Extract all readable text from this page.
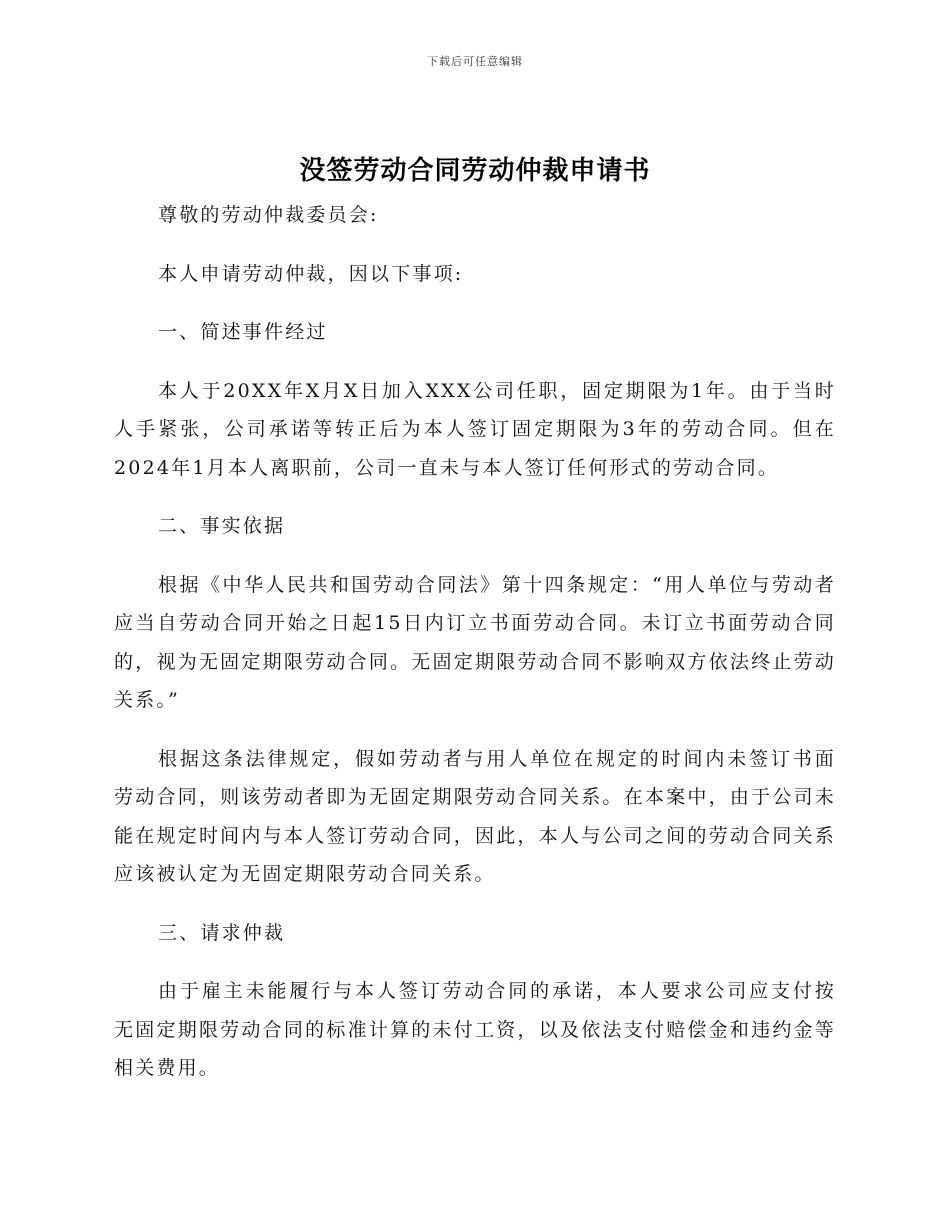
下载后可任意编辑
没签劳动合同劳动仲裁申请书

尊敬的劳动仲裁委员会:

本人申请劳动仲裁，因以下事项:

一、简述事件经过

本人于20XX年X月X日加入XXX公司任职，固定期限为1年。由于当时人手紧张，公司承诺等转正后为本人签订固定期限为3年的劳动合同。但在2024年1月本人离职前，公司一直未与本人签订任何形式的劳动合同。

二、事实依据

根据《中华人民共和国劳动合同法》第十四条规定：“用人单位与劳动者应当自劳动合同开始之日起15日内订立书面劳动合同。未订立书面劳动合同的，视为无固定期限劳动合同。无固定期限劳动合同不影响双方依法终止劳动关系。”

根据这条法律规定，假如劳动者与用人单位在规定的时间内未签订书面劳动合同，则该劳动者即为无固定期限劳动合同关系。在本案中，由于公司未能在规定时间内与本人签订劳动合同，因此，本人与公司之间的劳动合同关系应该被认定为无固定期限劳动合同关系。

三、请求仲裁

由于雇主未能履行与本人签订劳动合同的承诺，本人要求公司应支付按无固定期限劳动合同的标准计算的未付工资，以及依法支付赔偿金和违约金等相关费用。
